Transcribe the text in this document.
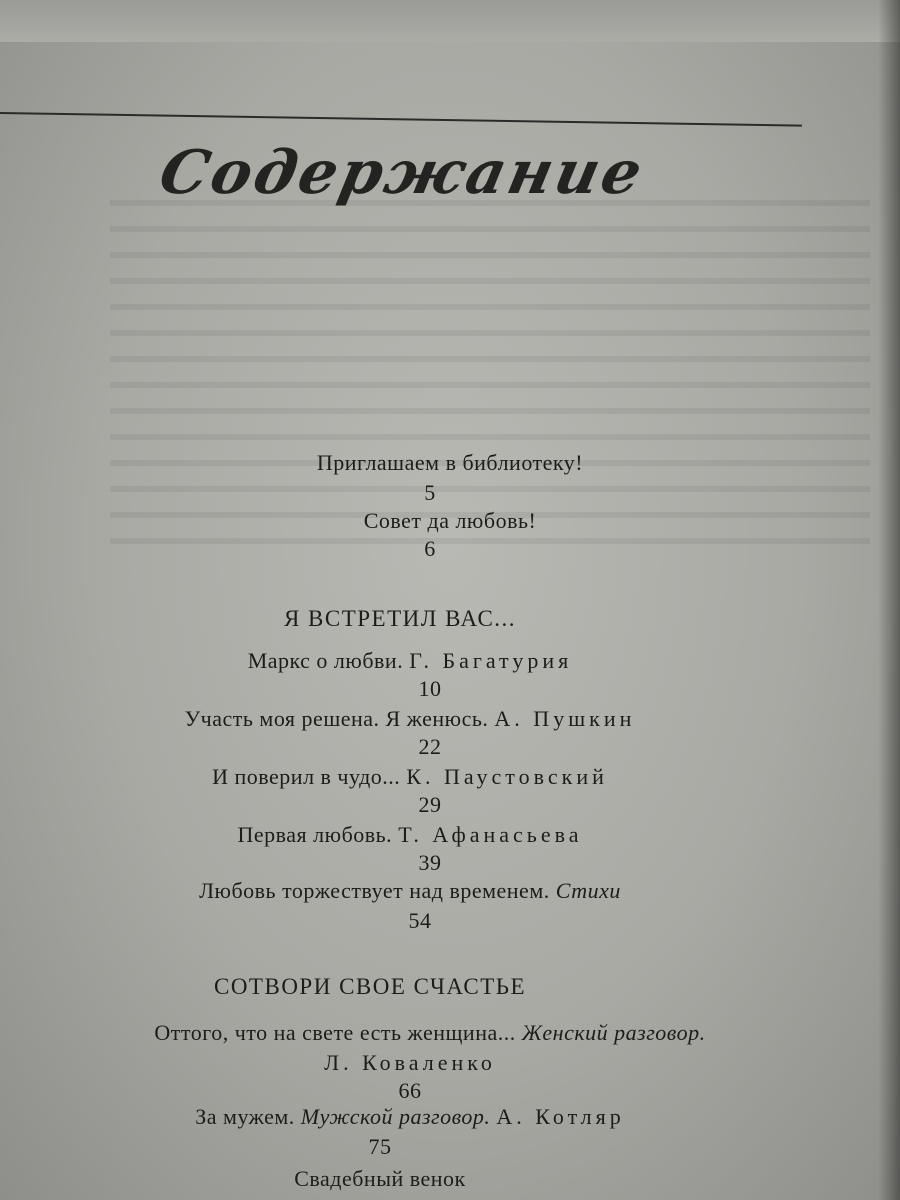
Содержание
Приглашаем в библиотеку!
5
Совет да любовь!
6
Я ВСТРЕТИЛ ВАС...
Маркс о любви. Г. Багатурия
10
Участь моя решена. Я женюсь. А. Пушкин
22
И поверил в чудо... К. Паустовский
29
Первая любовь. Т. Афанасьева
39
Любовь торжествует над временем. Стихи
54
СОТВОРИ СВОЕ СЧАСТЬЕ
Оттого, что на свете есть женщина... Женский разговор.
Л. Коваленко
66
За мужем. Мужской разговор. А. Котляр
75
Свадебный венок
